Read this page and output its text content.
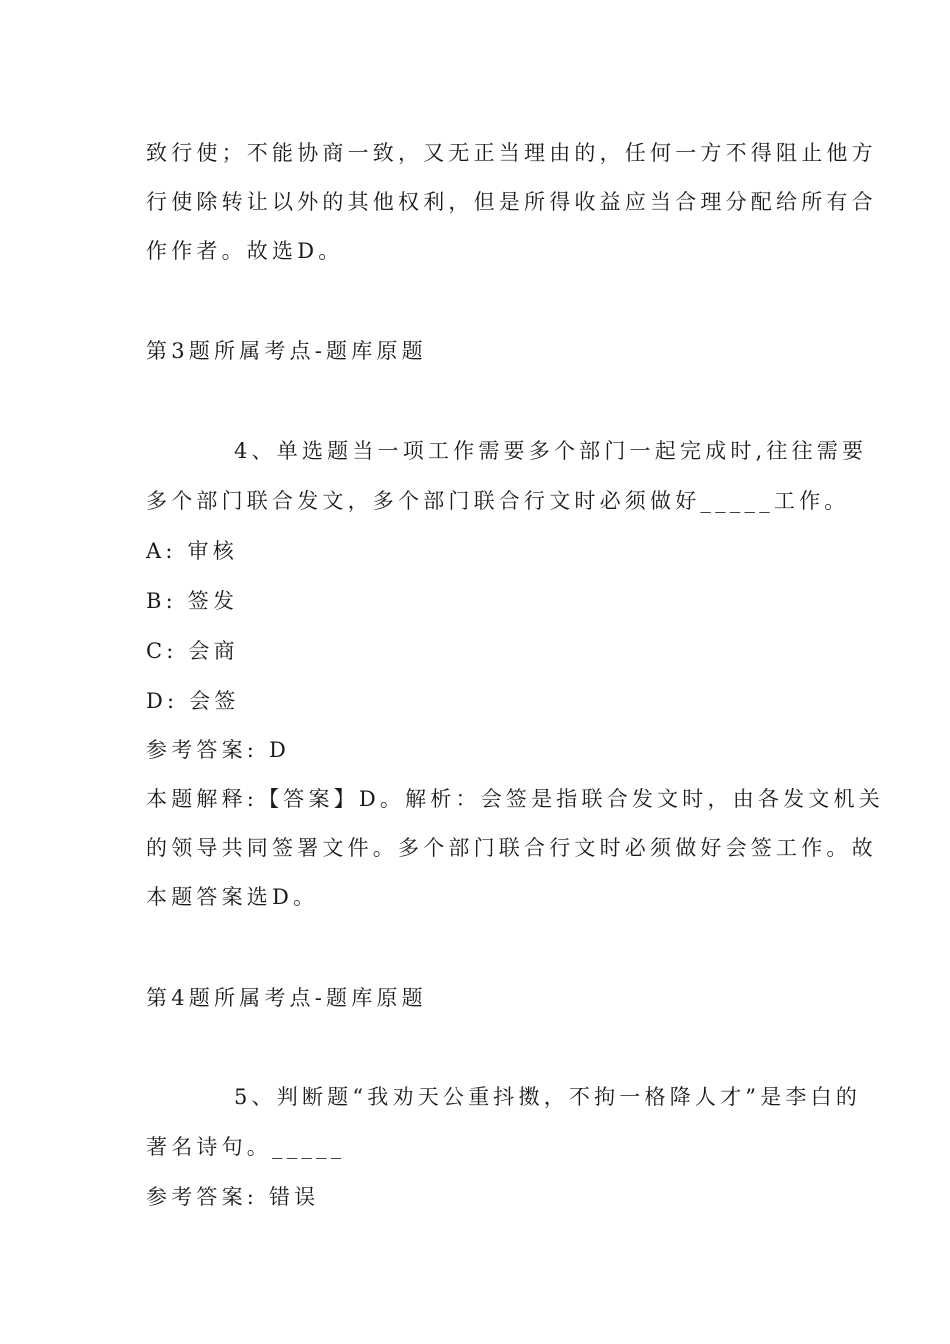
致行使；不能协商一致，又无正当理由的，任何一方不得阻止他方
行使除转让以外的其他权利，但是所得收益应当合理分配给所有合
作作者。故选D。
第3题所属考点-题库原题
4、单选题当一项工作需要多个部门一起完成时,往往需要
多个部门联合发文，多个部门联合行文时必须做好_____工作。
A: 审核
B: 签发
C: 会商
D: 会签
参考答案: D
本题解释:【答案】D。解析：会签是指联合发文时，由各发文机关
的领导共同签署文件。多个部门联合行文时必须做好会签工作。故
本题答案选D。
第4题所属考点-题库原题
5、判断题“我劝天公重抖擞，不拘一格降人才”是李白的
著名诗句。_____
参考答案: 错误
